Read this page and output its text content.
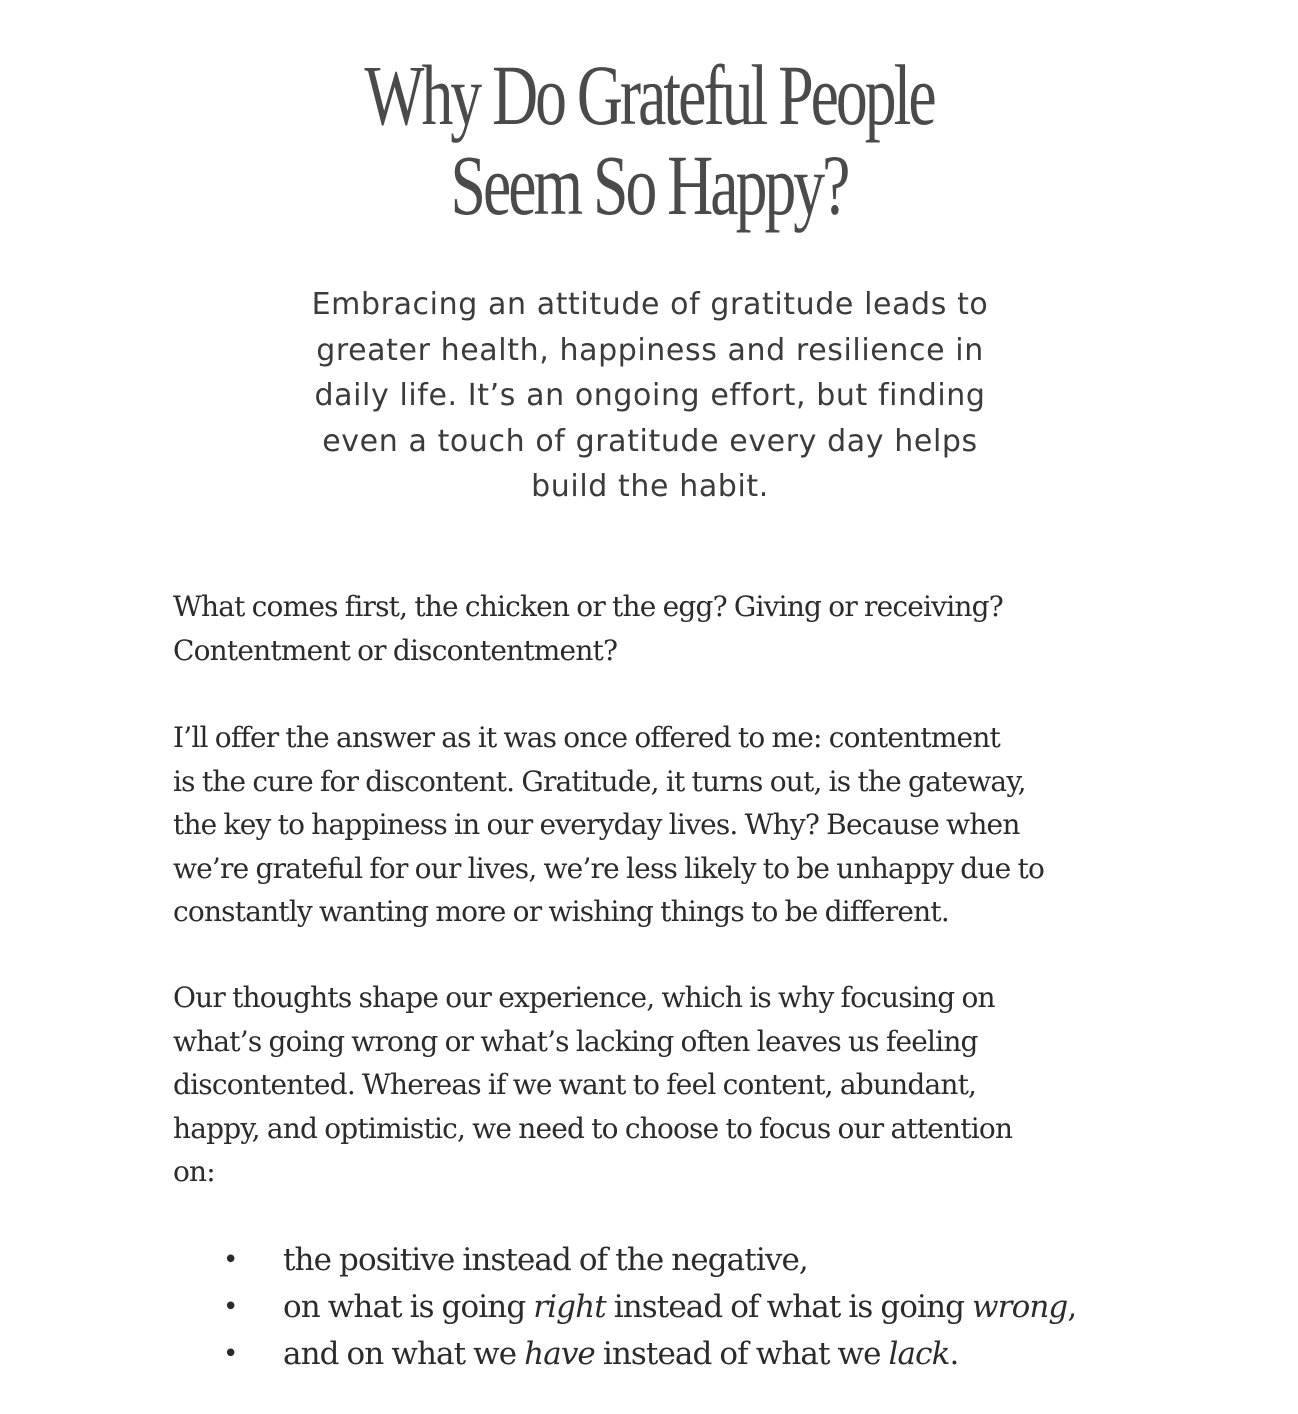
Why Do Grateful People
Seem So Happy?

Embracing an attitude of gratitude leads to
greater health, happiness and resilience in
daily life. It’s an ongoing effort, but finding
even a touch of gratitude every day helps
build the habit.

What comes first, the chicken or the egg? Giving or receiving?
Contentment or discontentment?

I’ll offer the answer as it was once offered to me: contentment
is the cure for discontent. Gratitude, it turns out, is the gateway,
the key to happiness in our everyday lives. Why? Because when
we’re grateful for our lives, we’re less likely to be unhappy due to
constantly wanting more or wishing things to be different.

Our thoughts shape our experience, which is why focusing on
what’s going wrong or what’s lacking often leaves us feeling
discontented. Whereas if we want to feel content, abundant,
happy, and optimistic, we need to choose to focus our attention
on:

• the positive instead of the negative,
• on what is going right instead of what is going wrong,
• and on what we have instead of what we lack.
